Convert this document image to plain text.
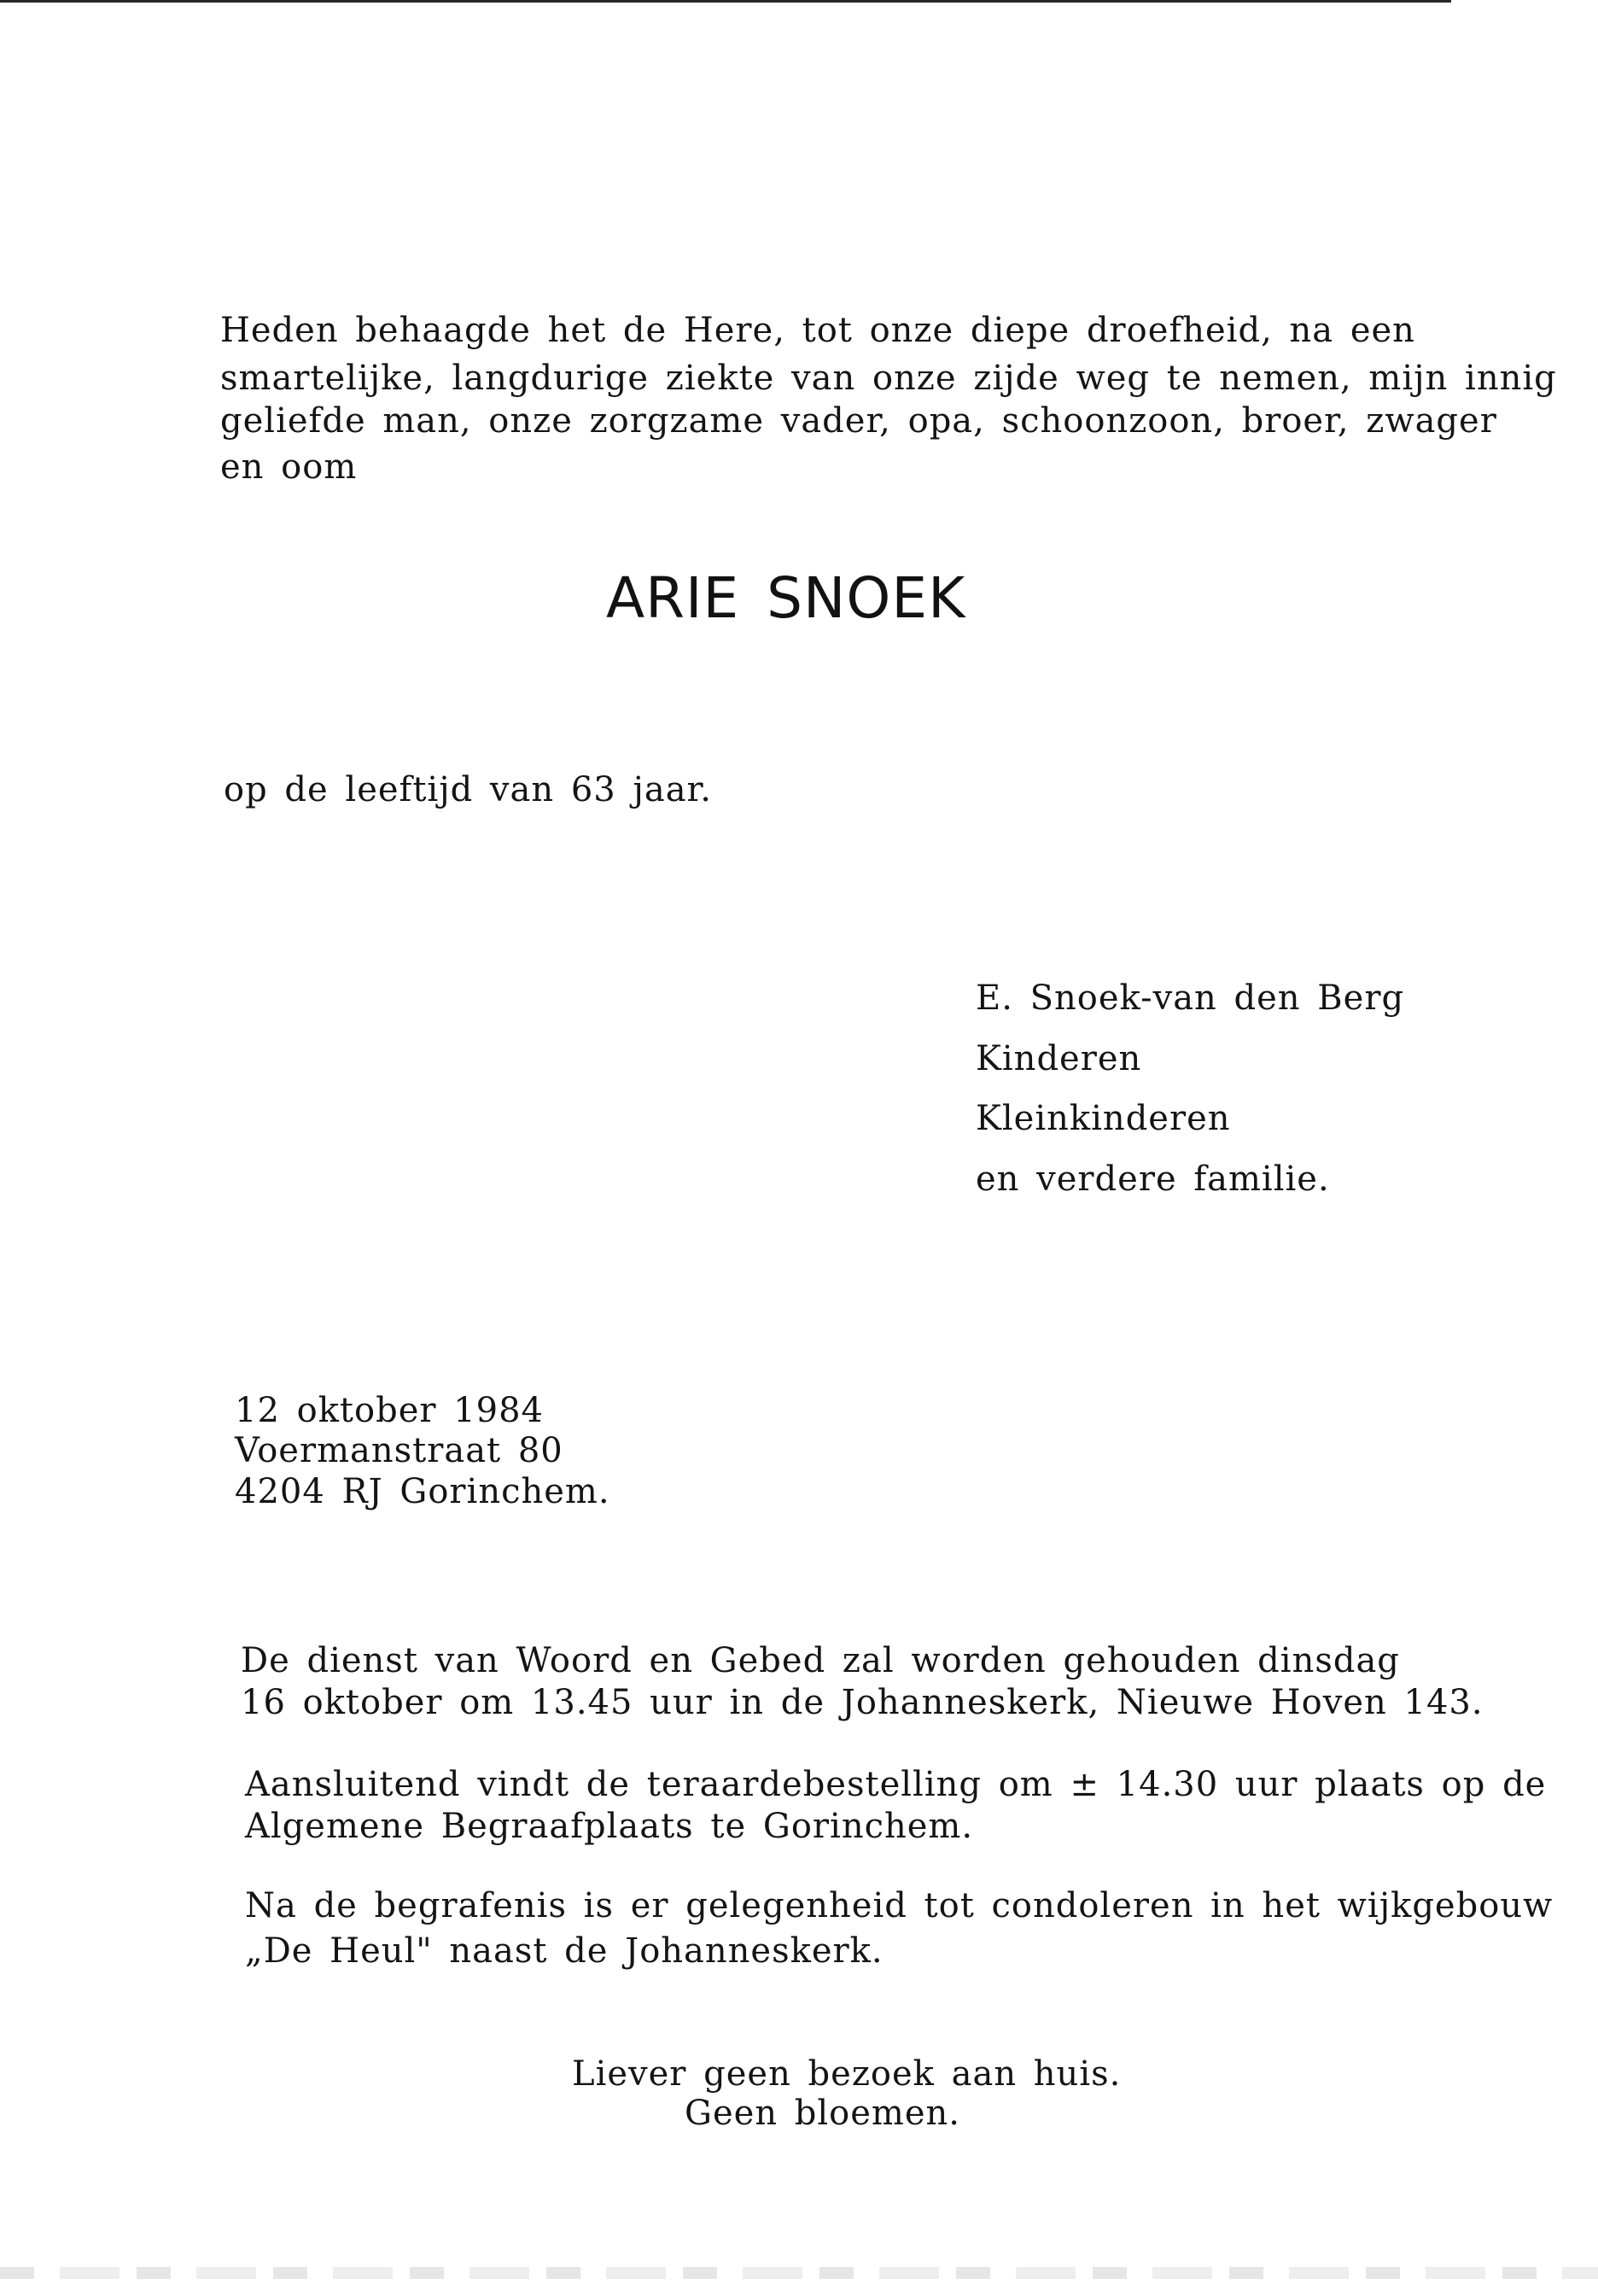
Heden behaagde het de Here, tot onze diepe droefheid, na een
smartelijke, langdurige ziekte van onze zijde weg te nemen, mijn innig
geliefde man, onze zorgzame vader, opa, schoonzoon, broer, zwager
en oom
ARIE SNOEK
op de leeftijd van 63 jaar.
E. Snoek-van den Berg
Kinderen
Kleinkinderen
en verdere familie.
12 oktober 1984
Voermanstraat 80
4204 RJ Gorinchem.
De dienst van Woord en Gebed zal worden gehouden dinsdag
16 oktober om 13.45 uur in de Johanneskerk, Nieuwe Hoven 143.
Aansluitend vindt de teraardebestelling om ± 14.30 uur plaats op de
Algemene Begraafplaats te Gorinchem.
Na de begrafenis is er gelegenheid tot condoleren in het wijkgebouw
„De Heul" naast de Johanneskerk.
Liever geen bezoek aan huis.
Geen bloemen.
